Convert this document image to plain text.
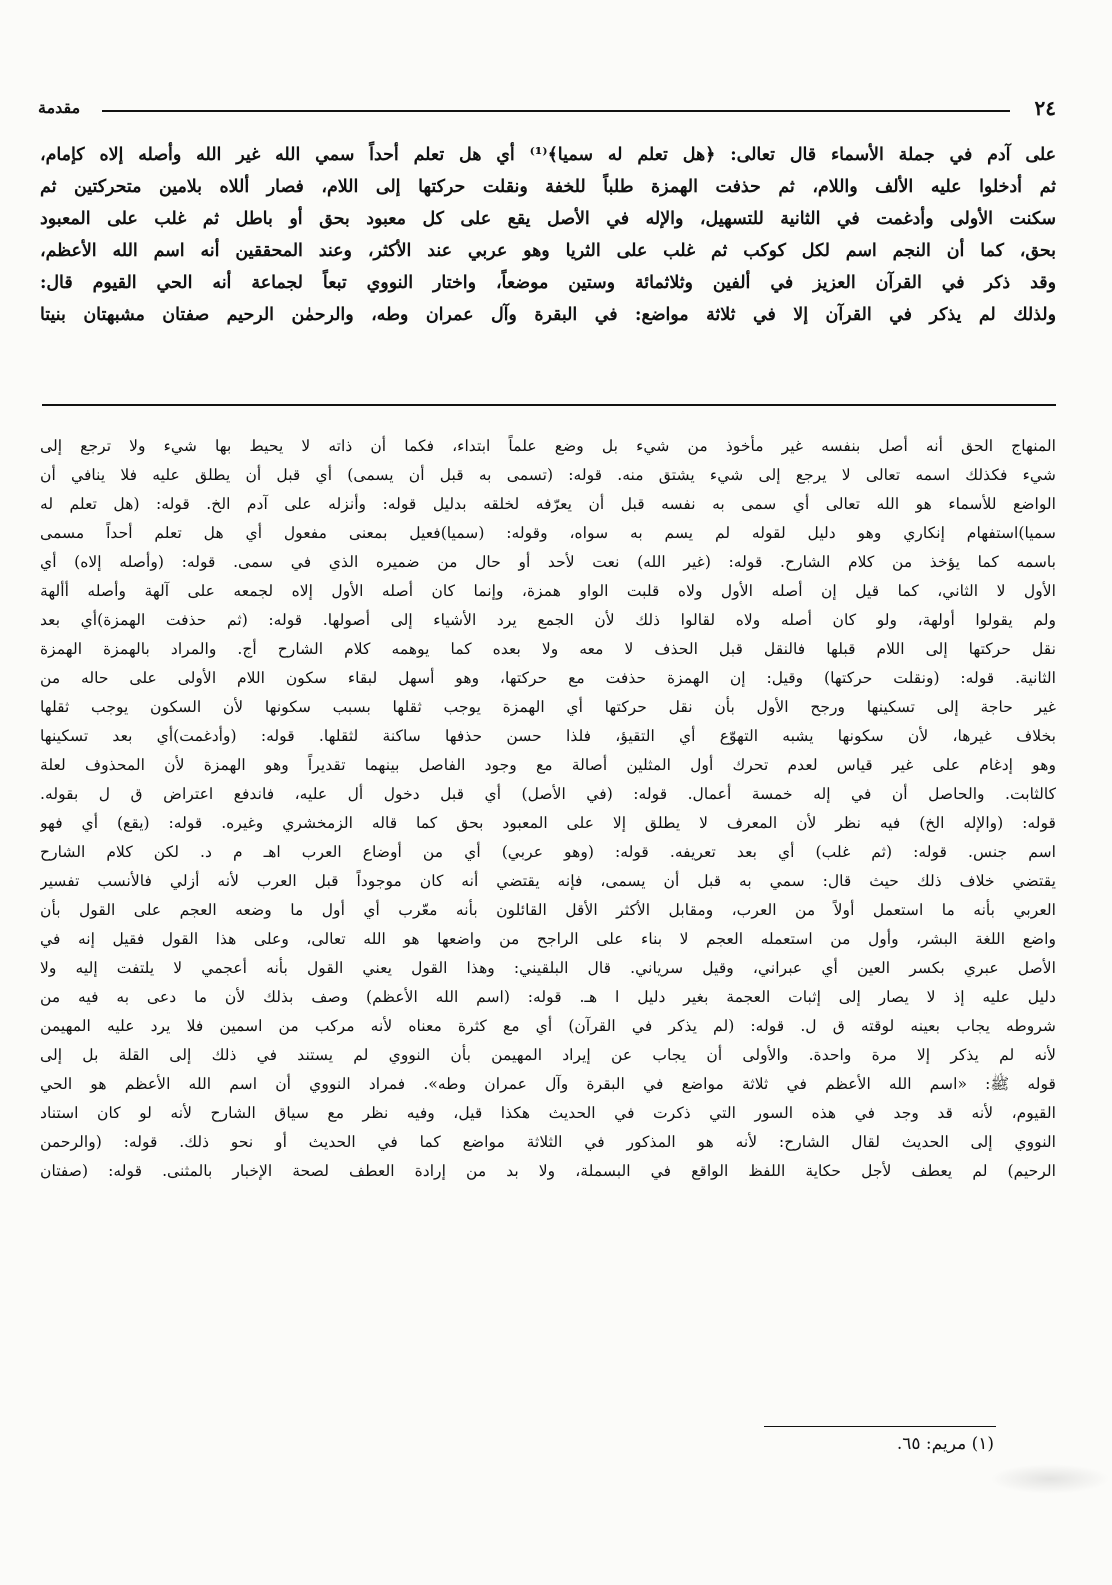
٢٤
مقدمة

على آدم في جملة الأسماء قال تعالى: ﴿هل تعلم له سميا﴾⁽¹⁾ أي هل تعلم أحداً سمي الله غير الله وأصله إلاه كإمام،

ثم أدخلوا عليه الألف واللام، ثم حذفت الهمزة طلباً للخفة ونقلت حركتها إلى اللام، فصار أللاه بلامين متحركتين ثم

سكنت الأولى وأدغمت في الثانية للتسهيل، والإله في الأصل يقع على كل معبود بحق أو باطل ثم غلب على المعبود

بحق، كما أن النجم اسم لكل كوكب ثم غلب على الثريا وهو عربي عند الأكثر، وعند المحققين أنه اسم الله الأعظم،

وقد ذكر في القرآن العزيز في ألفين وثلاثمائة وستين موضعاً، واختار النووي تبعاً لجماعة أنه الحي القيوم قال:

ولذلك لم يذكر في القرآن إلا في ثلاثة مواضع: في البقرة وآل عمران وطه، والرحمٰن الرحيم صفتان مشبهتان بنيتا

المنهاج الحق أنه أصل بنفسه غير مأخوذ من شيء بل وضع علماً ابتداء، فكما أن ذاته لا يحيط بها شيء ولا ترجع إلى

شيء فكذلك اسمه تعالى لا يرجع إلى شيء يشتق منه. قوله: (تسمى به قبل أن يسمى) أي قبل أن يطلق عليه فلا ينافي أن

الواضع للأسماء هو الله تعالى أي سمى به نفسه قبل أن يعرّفه لخلقه بدليل قوله: وأنزله على آدم الخ. قوله: (هل تعلم له

سميا)استفهام إنكاري وهو دليل لقوله لم يسم به سواه، وقوله: (سميا)فعيل بمعنى مفعول أي هل تعلم أحداً مسمى

باسمه كما يؤخذ من كلام الشارح. قوله: (غير الله) نعت لأحد أو حال من ضميره الذي في سمى. قوله: (وأصله إلاه) أي

الأول لا الثاني، كما قيل إن أصله الأول ولاه قلبت الواو همزة، وإنما كان أصله الأول إلاه لجمعه على آلهة وأصله أألهة

ولم يقولوا أولهة، ولو كان أصله ولاه لقالوا ذلك لأن الجمع يرد الأشياء إلى أصولها. قوله: (ثم حذفت الهمزة)أي بعد

نقل حركتها إلى اللام قبلها فالنقل قبل الحذف لا معه ولا بعده كما يوهمه كلام الشارح أج. والمراد بالهمزة الهمزة

الثانية. قوله: (ونقلت حركتها) وقيل: إن الهمزة حذفت مع حركتها، وهو أسهل لبقاء سكون اللام الأولى على حاله من

غير حاجة إلى تسكينها ورجح الأول بأن نقل حركتها أي الهمزة يوجب ثقلها بسبب سكونها لأن السكون يوجب ثقلها

بخلاف غيرها، لأن سكونها يشبه التهوّع أي التقيؤ، فلذا حسن حذفها ساكنة لثقلها. قوله: (وأدغمت)أي بعد تسكينها

وهو إدغام على غير قياس لعدم تحرك أول المثلين أصالة مع وجود الفاصل بينهما تقديراً وهو الهمزة لأن المحذوف لعلة

كالثابت. والحاصل أن في إله خمسة أعمال. قوله: (في الأصل) أي قبل دخول أل عليه، فاندفع اعتراض ق ل بقوله.

قوله: (والإله الخ) فيه نظر لأن المعرف لا يطلق إلا على المعبود بحق كما قاله الزمخشري وغيره. قوله: (يقع) أي فهو

اسم جنس. قوله: (ثم غلب) أي بعد تعريفه. قوله: (وهو عربي) أي من أوضاع العرب اهـ م د. لكن كلام الشارح

يقتضي خلاف ذلك حيث قال: سمي به قبل أن يسمى، فإنه يقتضي أنه كان موجوداً قبل العرب لأنه أزلي فالأنسب تفسير

العربي بأنه ما استعمل أولاً من العرب، ومقابل الأكثر الأقل القائلون بأنه معّرب أي أول ما وضعه العجم على القول بأن

واضع اللغة البشر، وأول من استعمله العجم لا بناء على الراجح من واضعها هو الله تعالى، وعلى هذا القول فقيل إنه في

الأصل عبري بكسر العين أي عبراني، وقيل سرياني. قال البلقيني: وهذا القول يعني القول بأنه أعجمي لا يلتفت إليه ولا

دليل عليه إذ لا يصار إلى إثبات العجمة بغير دليل ا هـ. قوله: (اسم الله الأعظم) وصف بذلك لأن ما دعى به فيه من

شروطه يجاب بعينه لوقته ق ل. قوله: (لم يذكر في القرآن) أي مع كثرة معناه لأنه مركب من اسمين فلا يرد عليه المهيمن

لأنه لم يذكر إلا مرة واحدة. والأولى أن يجاب عن إيراد المهيمن بأن النووي لم يستند في ذلك إلى القلة بل إلى

قوله ﷺ: «اسم الله الأعظم في ثلاثة مواضع في البقرة وآل عمران وطه». فمراد النووي أن اسم الله الأعظم هو الحي

القيوم، لأنه قد وجد في هذه السور التي ذكرت في الحديث هكذا قيل، وفيه نظر مع سياق الشارح لأنه لو كان استناد

النووي إلى الحديث لقال الشارح: لأنه هو المذكور في الثلاثة مواضع كما في الحديث أو نحو ذلك. قوله: (والرحمن

الرحيم) لم يعطف لأجل حكاية اللفظ الواقع في البسملة، ولا بد من إرادة العطف لصحة الإخبار بالمثنى. قوله: (صفتان

(١) مريم: ٦٥.
